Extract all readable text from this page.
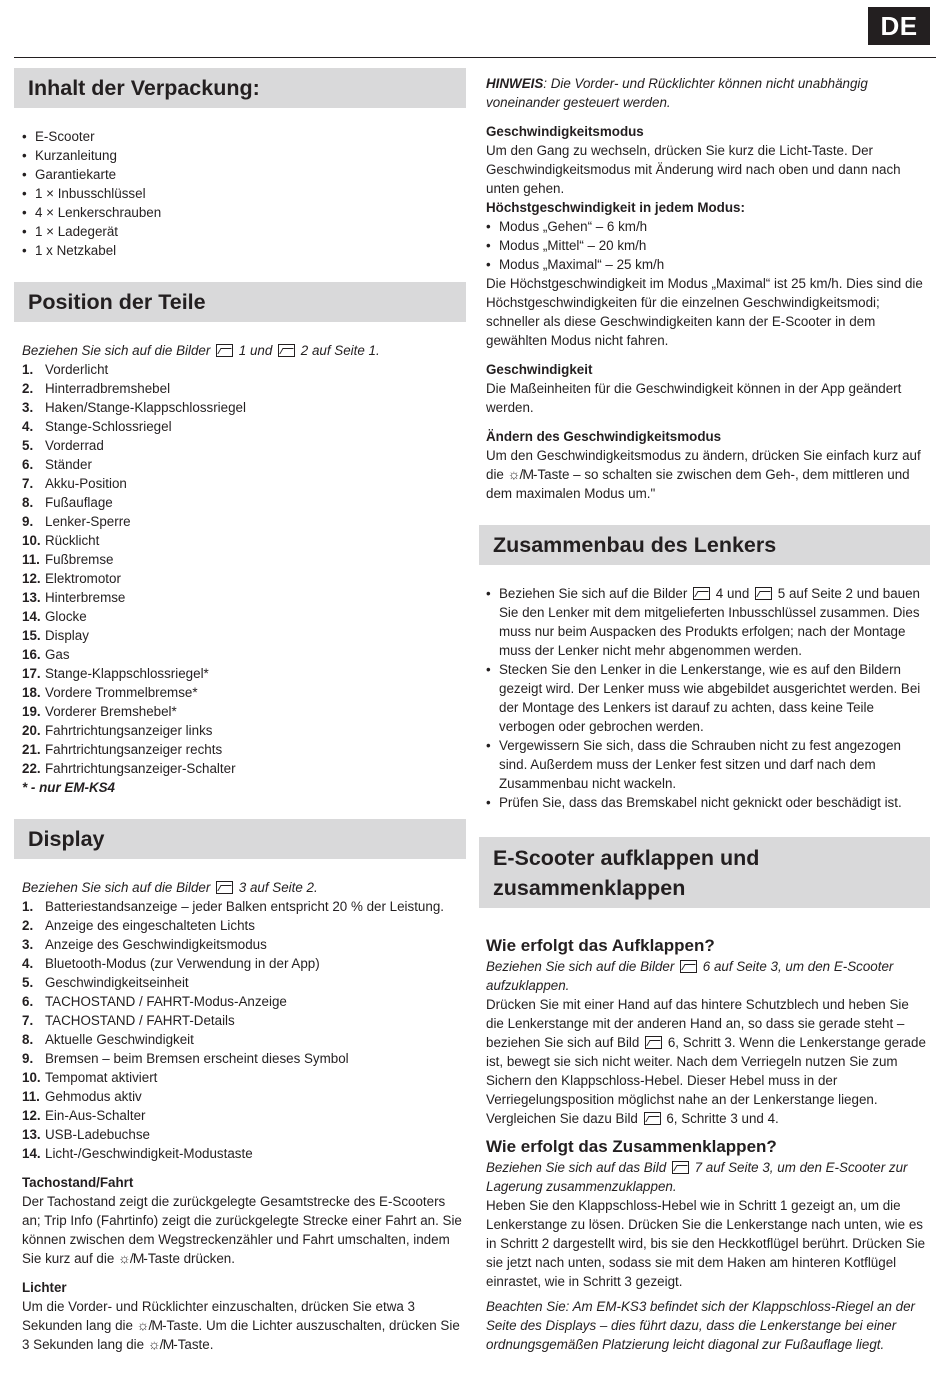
DE
Inhalt der Verpackung:
• E-Scooter
• Kurzanleitung
• Garantiekarte
• 1 × Inbusschlüssel
• 4 × Lenkerschrauben
• 1 × Ladegerät
• 1 x Netzkabel
Position der Teile

Beziehen Sie sich auf die Bilder 1 und 2 auf Seite 1.

1. Vorderlicht
2. Hinterradbremshebel
3. Haken/Stange-Klappschlossriegel
4. Stange-Schlossriegel
5. Vorderrad
6. Ständer
7. Akku-Position
8. Fußauflage
9. Lenker-Sperre
10. Rücklicht
11. Fußbremse
12. Elektromotor
13. Hinterbremse
14. Glocke
15. Display
16. Gas
17. Stange-Klappschlossriegel*
18. Vordere Trommelbremse*
19. Vorderer Bremshebel*
20. Fahrtrichtungsanzeiger links
21. Fahrtrichtungsanzeiger rechts
22. Fahrtrichtungsanzeiger-Schalter

* - nur EM-KS4

Display

Beziehen Sie sich auf die Bilder 3 auf Seite 2.

1. Batteriestandsanzeige – jeder Balken entspricht 20 % der Leistung.
2. Anzeige des eingeschalteten Lichts
3. Anzeige des Geschwindigkeitsmodus
4. Bluetooth-Modus (zur Verwendung in der App)
5. Geschwindigkeitseinheit
6. TACHOSTAND / FAHRT-Modus-Anzeige
7. TACHOSTAND / FAHRT-Details
8. Aktuelle Geschwindigkeit
9. Bremsen – beim Bremsen erscheint dieses Symbol
10. Tempomat aktiviert
11. Gehmodus aktiv
12. Ein-Aus-Schalter
13. USB-Ladebuchse
14. Licht-/Geschwindigkeit-Modustaste

Tachostand/Fahrt

Der Tachostand zeigt die zurückgelegte Gesamtstrecke des E-Scooters an; Trip Info (Fahrtinfo) zeigt die zurückgelegte Strecke einer Fahrt an. Sie können zwischen dem Wegstreckenzähler und Fahrt umschalten, indem Sie kurz auf die ☼/M-Taste drücken.

Lichter

Um die Vorder- und Rücklichter einzuschalten, drücken Sie etwa 3 Sekunden lang die ☼/M-Taste. Um die Lichter auszuschalten, drücken Sie 3 Sekunden lang die ☼/M-Taste.

HINWEIS: Die Vorder- und Rücklichter können nicht unabhängig voneinander gesteuert werden.

Geschwindigkeitsmodus

Um den Gang zu wechseln, drücken Sie kurz die Licht-Taste. Der Geschwindigkeitsmodus mit Änderung wird nach oben und dann nach unten gehen.

Höchstgeschwindigkeit in jedem Modus:

• Modus „Gehen“ – 6 km/h
• Modus „Mittel“ – 20 km/h
• Modus „Maximal“ – 25 km/h

Die Höchstgeschwindigkeit im Modus „Maximal“ ist 25 km/h. Dies sind die Höchstgeschwindigkeiten für die einzelnen Geschwindigkeitsmodi; schneller als diese Geschwindigkeiten kann der E-Scooter in dem gewählten Modus nicht fahren.

Geschwindigkeit

Die Maßeinheiten für die Geschwindigkeit können in der App geändert werden.

Ändern des Geschwindigkeitsmodus

Um den Geschwindigkeitsmodus zu ändern, drücken Sie einfach kurz auf die ☼/M-Taste – so schalten sie zwischen dem Geh-, dem mittleren und dem maximalen Modus um."

Zusammenbau des Lenkers
• Beziehen Sie sich auf die Bilder 4 und 5 auf Seite 2 und bauen Sie den Lenker mit dem mitgelieferten Inbusschlüssel zusammen. Dies muss nur beim Auspacken des Produkts erfolgen; nach der Montage muss der Lenker nicht mehr abgenommen werden.
• Stecken Sie den Lenker in die Lenkerstange, wie es auf den Bildern gezeigt wird. Der Lenker muss wie abgebildet ausgerichtet werden. Bei der Montage des Lenkers ist darauf zu achten, dass keine Teile verbogen oder gebrochen werden.
• Vergewissern Sie sich, dass die Schrauben nicht zu fest angezogen sind. Außerdem muss der Lenker fest sitzen und darf nach dem Zusammenbau nicht wackeln.
• Prüfen Sie, dass das Bremskabel nicht geknickt oder beschädigt ist.
E-Scooter aufklappen und
zusammenklappen

Wie erfolgt das Aufklappen?

Beziehen Sie sich auf die Bilder 6 auf Seite 3, um den E-Scooter aufzuklappen.

Drücken Sie mit einer Hand auf das hintere Schutzblech und heben Sie die Lenkerstange mit der anderen Hand an, so dass sie gerade steht – beziehen Sie sich auf Bild 6, Schritt 3. Wenn die Lenkerstange gerade ist, bewegt sie sich nicht weiter. Nach dem Verriegeln nutzen Sie zum Sichern den Klappschloss-Hebel. Dieser Hebel muss in der Verriegelungsposition möglichst nahe an der Lenkerstange liegen. Vergleichen Sie dazu Bild 6, Schritte 3 und 4.

Wie erfolgt das Zusammenklappen?

Beziehen Sie sich auf das Bild 7 auf Seite 3, um den E-Scooter zur Lagerung zusammenzuklappen.

Heben Sie den Klappschloss-Hebel wie in Schritt 1 gezeigt an, um die Lenkerstange zu lösen. Drücken Sie die Lenkerstange nach unten, wie es in Schritt 2 dargestellt wird, bis sie den Heckkotflügel berührt. Drücken Sie sie jetzt nach unten, sodass sie mit dem Haken am hinteren Kotflügel einrastet, wie in Schritt 3 gezeigt.

Beachten Sie: Am EM-KS3 befindet sich der Klappschloss-Riegel an der Seite des Displays – dies führt dazu, dass die Lenkerstange bei einer ordnungsgemäßen Platzierung leicht diagonal zur Fußauflage liegt.
